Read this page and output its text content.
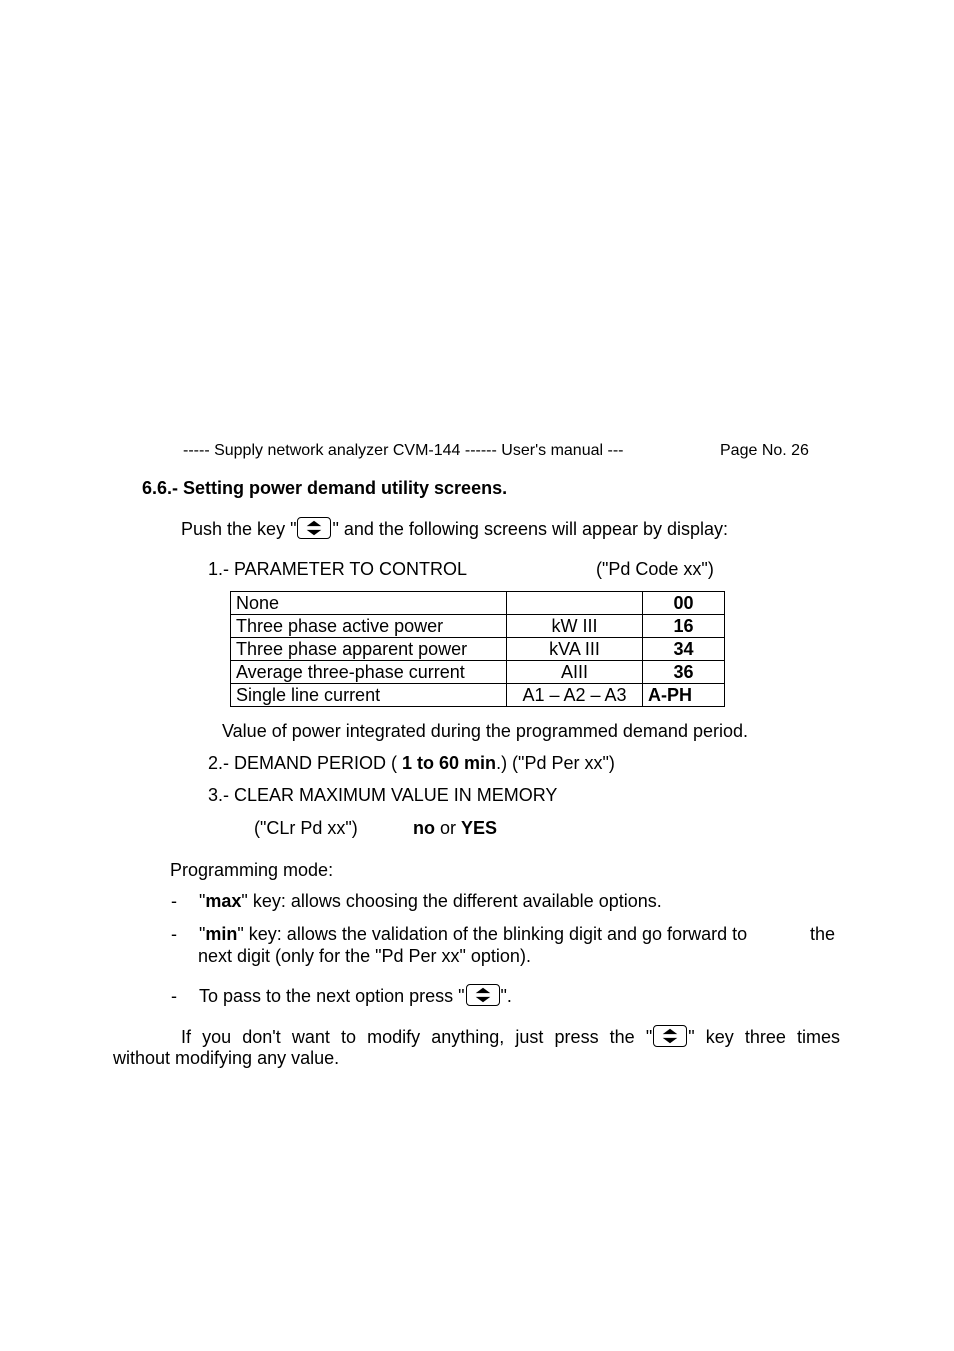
----- Supply network analyzer CVM-144 ------ User's manual ---	Page No. 26
6.6.- Setting power demand utility screens.
Push the key " " and the following screens will appear by display:
1.- PARAMETER TO CONTROL	("Pd Code xx")
None		00
Three phase active power	kW III	16
Three phase apparent power	kVA III	34
Average three-phase current	AIII	36
Single line current	A1 – A2 – A3	A-PH
Value of power integrated during the programmed demand period.
2.- DEMAND PERIOD ( 1 to 60 min.) ("Pd Per xx")
3.- CLEAR MAXIMUM VALUE IN MEMORY
("CLr Pd xx")	no or YES
Programming mode:
- "max" key: allows choosing the different available options.
- "min" key: allows the validation of the blinking digit and go forward to	the
next digit (only for the "Pd Per xx" option).
- To pass to the next option press " ".
If you don't want to modify anything, just press the " " key three times
without modifying any value.
